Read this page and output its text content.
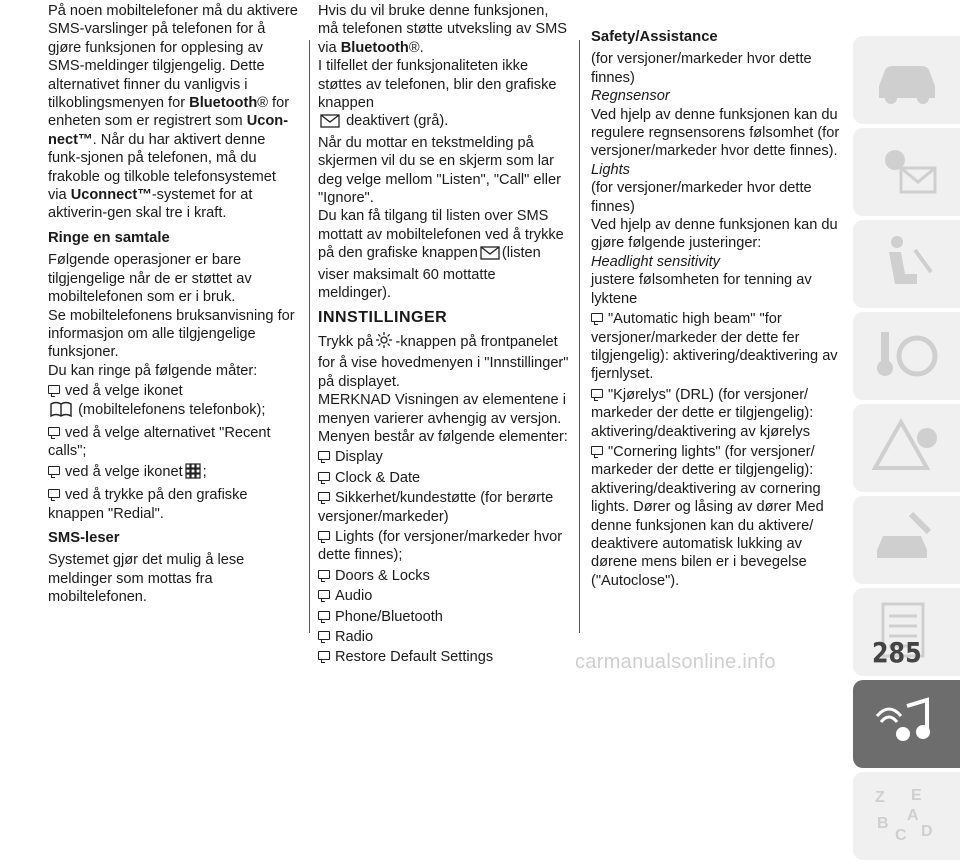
På noen mobiltelefoner må du aktivere SMS-varslinger på telefonen for å gjøre funksjonen for opplesing av SMS-meldinger tilgjengelig. Dette alternativet finner du vanligvis i tilkoblingsmenyen for Bluetooth® for enheten som er registrert som Ucon-nect™. Når du har aktivert denne funk-sjonen på telefonen, må du frakoble og tilkoble telefonsystemet via Uconnect™-systemet for at aktiverin-gen skal tre i kraft.

Ringe en samtale

Følgende operasjoner er bare tilgjengelige når de er støttet av mobiltelefonen som er i bruk.

Se mobiltelefonens bruksanvisning for informasjon om alle tilgjengelige funksjoner.

Du kan ringe på følgende måter:

ved å velge ikonet
(mobiltelefonens telefonbok);

ved å velge alternativet "Recent calls";

ved å velge ikonet ;

ved å trykke på den grafiske knappen "Redial".

SMS-leser

Systemet gjør det mulig å lese meldinger som mottas fra mobiltelefonen.

Hvis du vil bruke denne funksjonen, må telefonen støtte utveksling av SMS via Bluetooth®.

I tilfellet der funksjonaliteten ikke støttes av telefonen, blir den grafiske knappen
deaktivert (grå).

Når du mottar en tekstmelding på skjermen vil du se en skjerm som lar deg velge mellom "Listen", "Call" eller "Ignore".

Du kan få tilgang til listen over SMS mottatt av mobiltelefonen ved å trykke på den grafiske knappen (listen viser maksimalt 60 mottatte meldinger).

INNSTILLINGER

Trykk på -knappen på frontpanelet for å vise hovedmenyen i "Innstillinger" på displayet.

MERKNAD Visningen av elementene i menyen varierer avhengig av versjon.

Menyen består av følgende elementer:

Display

Clock & Date

Sikkerhet/kundestøtte (for berørte versjoner/markeder)

Lights (for versjoner/markeder hvor dette finnes);

Doors & Locks

Audio

Phone/Bluetooth

Radio

Restore Default Settings

Safety/Assistance

(for versjoner/markeder hvor dette finnes)

Regnsensor

Ved hjelp av denne funksjonen kan du regulere regnsensorens følsomhet (for versjoner/markeder hvor dette finnes).

Lights

(for versjoner/markeder hvor dette finnes)

Ved hjelp av denne funksjonen kan du gjøre følgende justeringer:

Headlight sensitivity

justere følsomheten for tenning av lyktene

"Automatic high beam" "for versjoner/markeder der dette fer tilgjengelig): aktivering/deaktivering av fjernlyset.

"Kjørelys" (DRL) (for versjoner/ markeder der dette er tilgjengelig): aktivering/deaktivering av kjørelys

"Cornering lights" (for versjoner/ markeder der dette er tilgjengelig): aktivering/deaktivering av cornering lights. Dører og låsing av dører Med denne funksjonen kan du aktivere/ deaktivere automatisk lukking av dørene mens bilen er i bevegelse ("Autoclose").

Z E
B
C
A
D
285
carmanualsonline.info
